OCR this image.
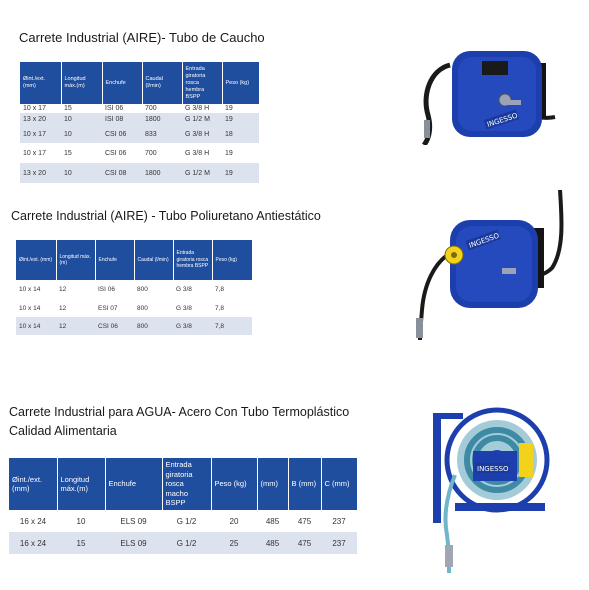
Carrete Industrial (AIRE)- Tubo de Caucho
Øint./ext. (mm)	Longitud máx.(m)	Enchufe	Caudal (l/min)	Entrada giratoria rosca hembra BSPP	Peso (kg)
10 x 17	15	ISI 06	700	G 3/8 H	19
13 x 20	10	ISI 08	1800	G 1/2 M	19
10 x 17	10	CSI 06	833	G 3/8 H	18
10 x 17	15	CSI 06	700	G 3/8 H	19
13 x 20	10	CSI 08	1800	G 1/2 M	19
INGESSO
Carrete Industrial (AIRE) - Tubo Poliuretano Antiestático
Øint./ext. (mm)	Longitud máx.(m)	Enchufe	Caudal (l/min)	Entrada giratoria rosca hembra BSPP	Peso (kg)
10 x 14	12	ISI 06	800	G 3/8	7,8
10 x 14	12	ESI 07	800	G 3/8	7,8
10 x 14	12	CSI 06	800	G 3/8	7,8
INGESSO
Carrete Industrial para AGUA- Acero Con Tubo Termoplástico
Calidad Alimentaria
Øint./ext. (mm)	Longitud máx.(m)	Enchufe	Entrada giratoria rosca macho BSPP	Peso (kg)	(mm)	B (mm)	C (mm)
16 x 24	10	ELS 09	G 1/2	20	485	475	237
16 x 24	15	ELS 09	G 1/2	25	485	475	237
INGESSO
